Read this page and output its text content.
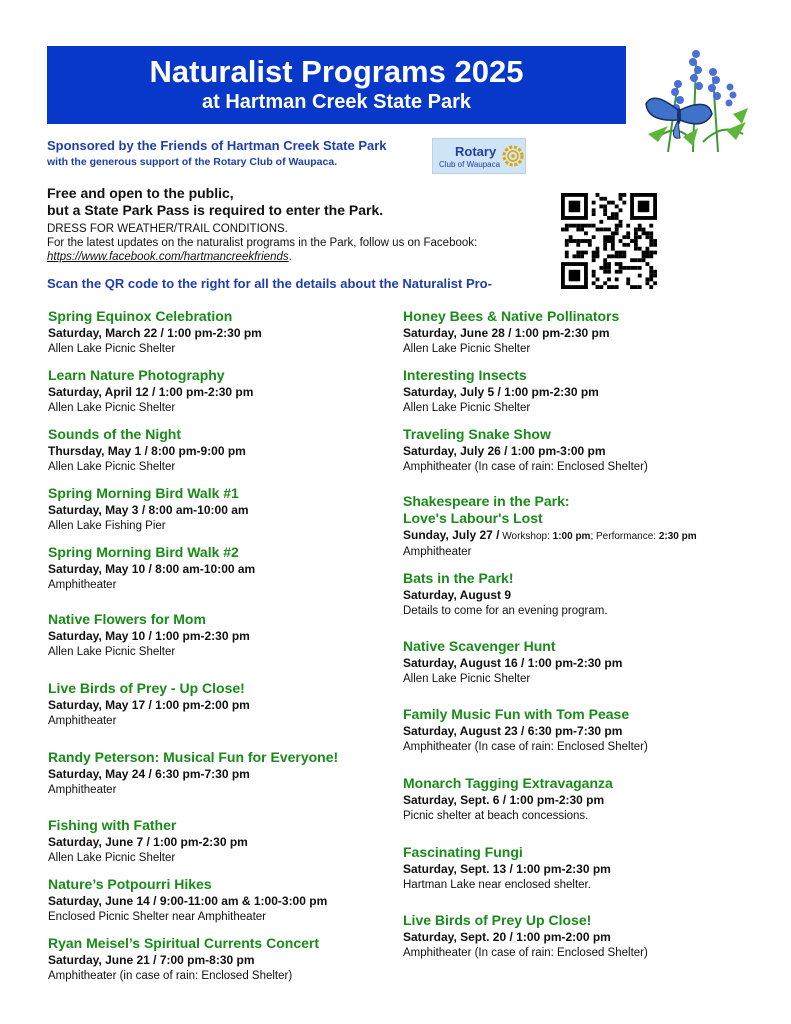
Naturalist Programs 2025
at Hartman Creek State Park
Sponsored by the Friends of Hartman Creek State Park
with the generous support of the Rotary Club of Waupaca.
Rotary
Club of Waupaca
Free and open to the public,
but a State Park Pass is required to enter the Park.
DRESS FOR WEATHER/TRAIL CONDITIONS.
For the latest updates on the naturalist programs in the Park, follow us on Facebook:
https://www.facebook.com/hartmancreekfriends.
Scan the QR code to the right for all the details about the Naturalist Pro-
Spring Equinox Celebration
Saturday, March 22 / 1:00 pm-2:30 pm
Allen Lake Picnic Shelter
Learn Nature Photography
Saturday, April 12 / 1:00 pm-2:30 pm
Allen Lake Picnic Shelter
Sounds of the Night
Thursday, May 1 / 8:00 pm-9:00 pm
Allen Lake Picnic Shelter
Spring Morning Bird Walk #1
Saturday, May 3 / 8:00 am-10:00 am
Allen Lake Fishing Pier
Spring Morning Bird Walk #2
Saturday, May 10 / 8:00 am-10:00 am
Amphitheater
Native Flowers for Mom
Saturday, May 10 / 1:00 pm-2:30 pm
Allen Lake Picnic Shelter
Live Birds of Prey - Up Close!
Saturday, May 17 / 1:00 pm-2:00 pm
Amphitheater
Randy Peterson: Musical Fun for Everyone!
Saturday, May 24 / 6:30 pm-7:30 pm
Amphitheater
Fishing with Father
Saturday, June 7 / 1:00 pm-2:30 pm
Allen Lake Picnic Shelter
Nature’s Potpourri Hikes
Saturday, June 14 / 9:00-11:00 am & 1:00-3:00 pm
Enclosed Picnic Shelter near Amphitheater
Ryan Meisel’s Spiritual Currents Concert
Saturday, June 21 / 7:00 pm-8:30 pm
Amphitheater (in case of rain: Enclosed Shelter)
Shakespeare in the Park:
Love's Labour's Lost
Sunday, July 27 / Workshop: 1:00 pm; Performance: 2:30 pm
Amphitheater
Honey Bees & Native Pollinators
Saturday, June 28 / 1:00 pm-2:30 pm
Allen Lake Picnic Shelter
Interesting Insects
Saturday, July 5 / 1:00 pm-2:30 pm
Allen Lake Picnic Shelter
Traveling Snake Show
Saturday, July 26 / 1:00 pm-3:00 pm
Amphitheater (In case of rain: Enclosed Shelter)
Bats in the Park!
Saturday, August 9
Details to come for an evening program.
Native Scavenger Hunt
Saturday, August 16 / 1:00 pm-2:30 pm
Allen Lake Picnic Shelter
Family Music Fun with Tom Pease
Saturday, August 23 / 6:30 pm-7:30 pm
Amphitheater (In case of rain: Enclosed Shelter)
Monarch Tagging Extravaganza
Saturday, Sept. 6 / 1:00 pm-2:30 pm
Picnic shelter at beach concessions.
Fascinating Fungi
Saturday, Sept. 13 / 1:00 pm-2:30 pm
Hartman Lake near enclosed shelter.
Live Birds of Prey Up Close!
Saturday, Sept. 20 / 1:00 pm-2:00 pm
Amphitheater (In case of rain: Enclosed Shelter)
